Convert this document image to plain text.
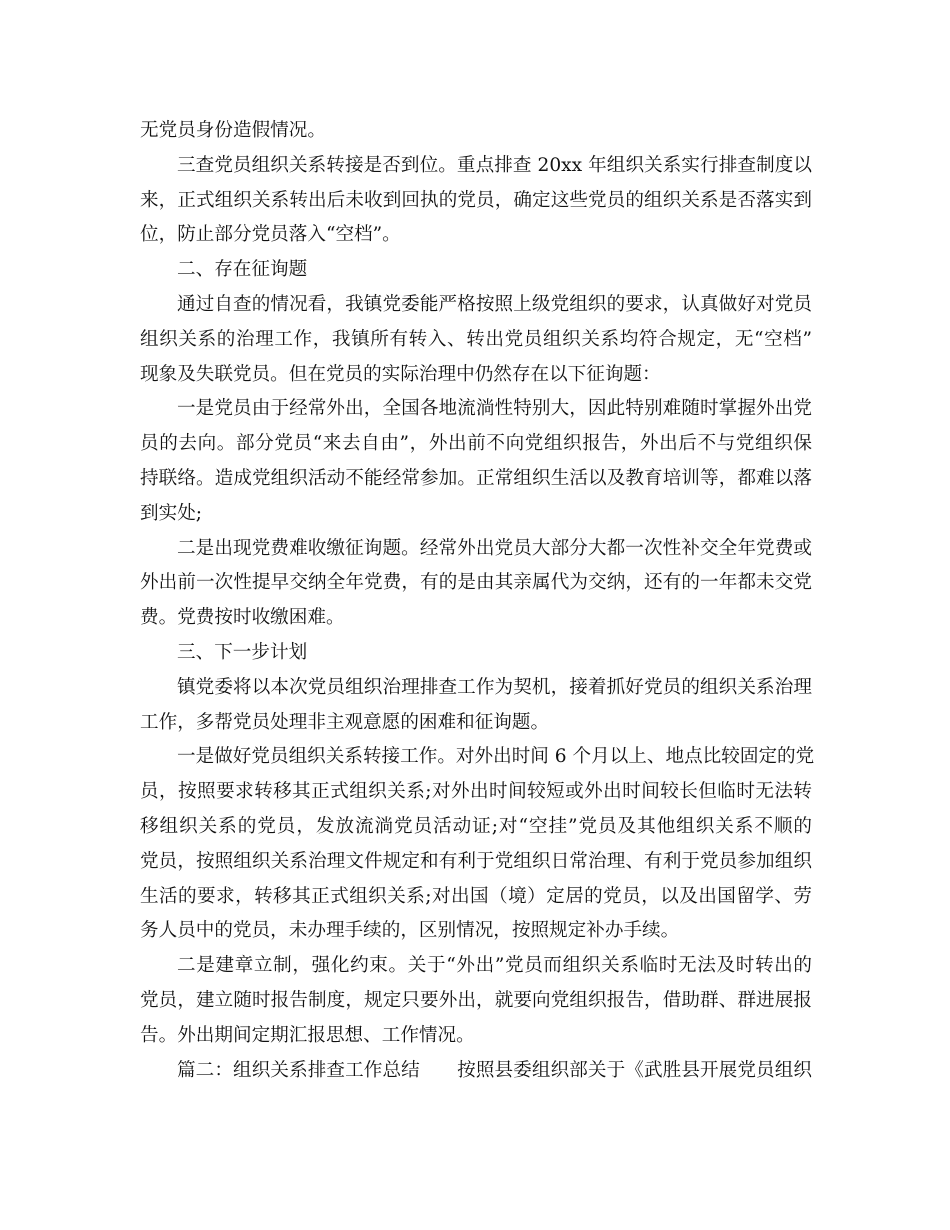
无党员身份造假情况。
三查党员组织关系转接是否到位。重点排查 20xx 年组织关系实行排查制度以
来，正式组织关系转出后未收到回执的党员，确定这些党员的组织关系是否落实到
位，防止部分党员落入“空档”。
二、存在征询题
通过自查的情况看，我镇党委能严格按照上级党组织的要求，认真做好对党员
组织关系的治理工作，我镇所有转入、转出党员组织关系均符合规定，无“空档”
现象及失联党员。但在党员的实际治理中仍然存在以下征询题：
一是党员由于经常外出，全国各地流淌性特别大，因此特别难随时掌握外出党
员的去向。部分党员“来去自由”，外出前不向党组织报告，外出后不与党组织保
持联络。造成党组织活动不能经常参加。正常组织生活以及教育培训等，都难以落
到实处;
二是出现党费难收缴征询题。经常外出党员大部分大都一次性补交全年党费或
外出前一次性提早交纳全年党费，有的是由其亲属代为交纳，还有的一年都未交党
费。党费按时收缴困难。
三、下一步计划
镇党委将以本次党员组织治理排查工作为契机，接着抓好党员的组织关系治理
工作，多帮党员处理非主观意愿的困难和征询题。
一是做好党员组织关系转接工作。对外出时间 6 个月以上、地点比较固定的党
员，按照要求转移其正式组织关系;对外出时间较短或外出时间较长但临时无法转
移组织关系的党员，发放流淌党员活动证;对“空挂”党员及其他组织关系不顺的
党员，按照组织关系治理文件规定和有利于党组织日常治理、有利于党员参加组织
生活的要求，转移其正式组织关系;对出国（境）定居的党员，以及出国留学、劳
务人员中的党员，未办理手续的，区别情况，按照规定补办手续。
二是建章立制，强化约束。关于“外出”党员而组织关系临时无法及时转出的
党员，建立随时报告制度，规定只要外出，就要向党组织报告，借助群、群进展报
告。外出期间定期汇报思想、工作情况。
篇二：组织关系排查工作总结　　按照县委组织部关于《武胜县开展党员组织
